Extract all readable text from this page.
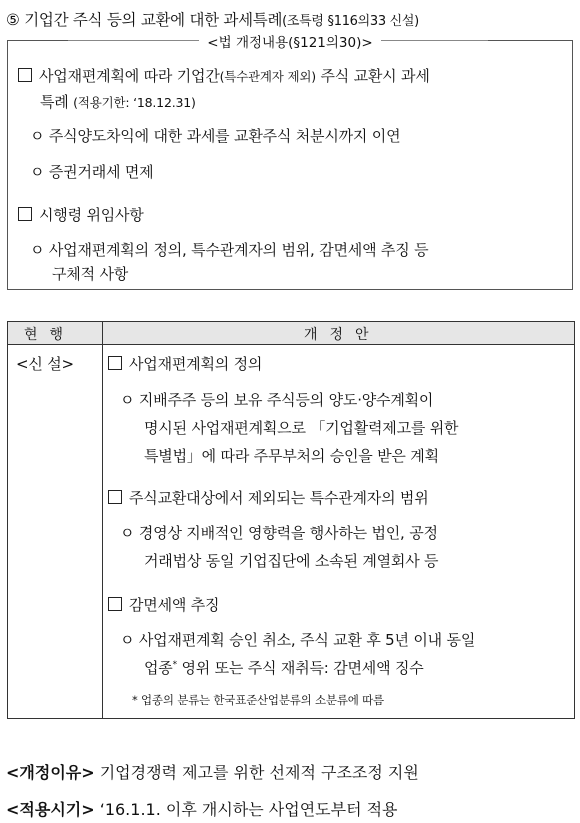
⑤ 기업간 주식 등의 교환에 대한 과세특례(조특령 §116의33 신설)
<법 개정내용(§121의30)>
사업재편계획에 따라 기업간(특수관계자 제외) 주식 교환시 과세
특례 (적용기한: ‘18.12.31)
ㅇ 주식양도차익에 대한 과세를 교환주식 처분시까지 이연
ㅇ 증권거래세 면제
시행령 위임사항
ㅇ 사업재편계획의 정의, 특수관계자의 범위, 감면세액 추징 등
구체적 사항
현행	개정안
<신 설>	사업재편계획의 정의
ㅇ 지배주주 등의 보유 주식등의 양도·양수계획이
명시된 사업재편계획으로 「기업활력제고를 위한
특별법」에 따라 주무부처의 승인을 받은 계획
주식교환대상에서 제외되는 특수관계자의 범위
ㅇ 경영상 지배적인 영향력을 행사하는 법인, 공정
거래법상 동일 기업집단에 소속된 계열회사 등
감면세액 추징
ㅇ 사업재편계획 승인 취소, 주식 교환 후 5년 이내 동일
업종* 영위 또는 주식 재취득: 감면세액 징수
* 업종의 분류는 한국표준산업분류의 소분류에 따름
<개정이유> 기업경쟁력 제고를 위한 선제적 구조조정 지원
<적용시기> ‘16.1.1. 이후 개시하는 사업연도부터 적용
